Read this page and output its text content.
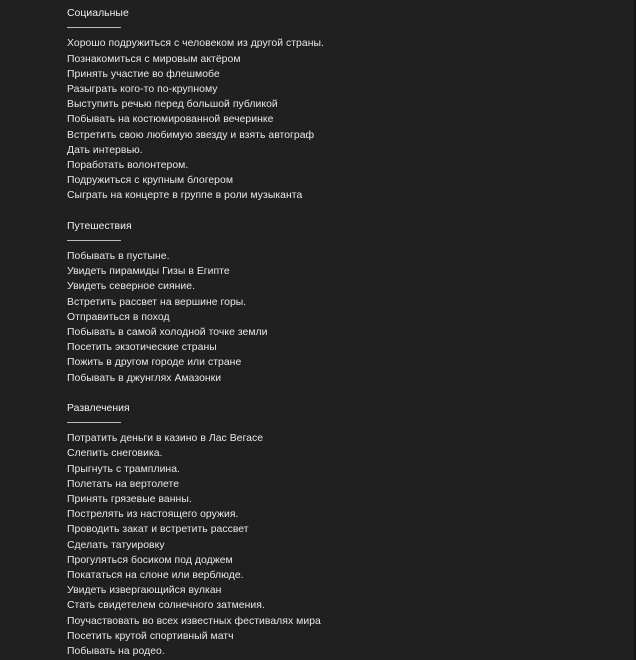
Социальные
Хорошо подружиться с человеком из другой страны.
Познакомиться с мировым актёром
Принять участие во флешмобе
Разыграть кого-то по-крупному
Выступить речью перед большой публикой
Побывать на костюмированной вечеринке
Встретить свою любимую звезду и взять автограф
Дать интервью.
Поработать волонтером.
Подружиться с крупным блогером
Сыграть на концерте в группе в роли музыканта
Путешествия
Побывать в пустыне.
Увидеть пирамиды Гизы в Египте
Увидеть северное сияние.
Встретить рассвет на вершине горы.
Отправиться в поход
Побывать в самой холодной точке земли
Посетить экзотические страны
Пожить в другом городе или стране
Побывать в джунглях Амазонки
Развлечения
Потратить деньги в казино в Лас Вегасе
Слепить снеговика.
Прыгнуть с трамплина.
Полетать на вертолете
Принять грязевые ванны.
Пострелять из настоящего оружия.
Проводить закат и встретить рассвет
Сделать татуировку
Прогуляться босиком под доджем
Покататься на слоне или верблюде.
Увидеть извергающийся вулкан
Стать свидетелем солнечного затмения.
Поучаствовать во всех известных фестивалях мира
Посетить крутой спортивный матч
Побывать на родео.
